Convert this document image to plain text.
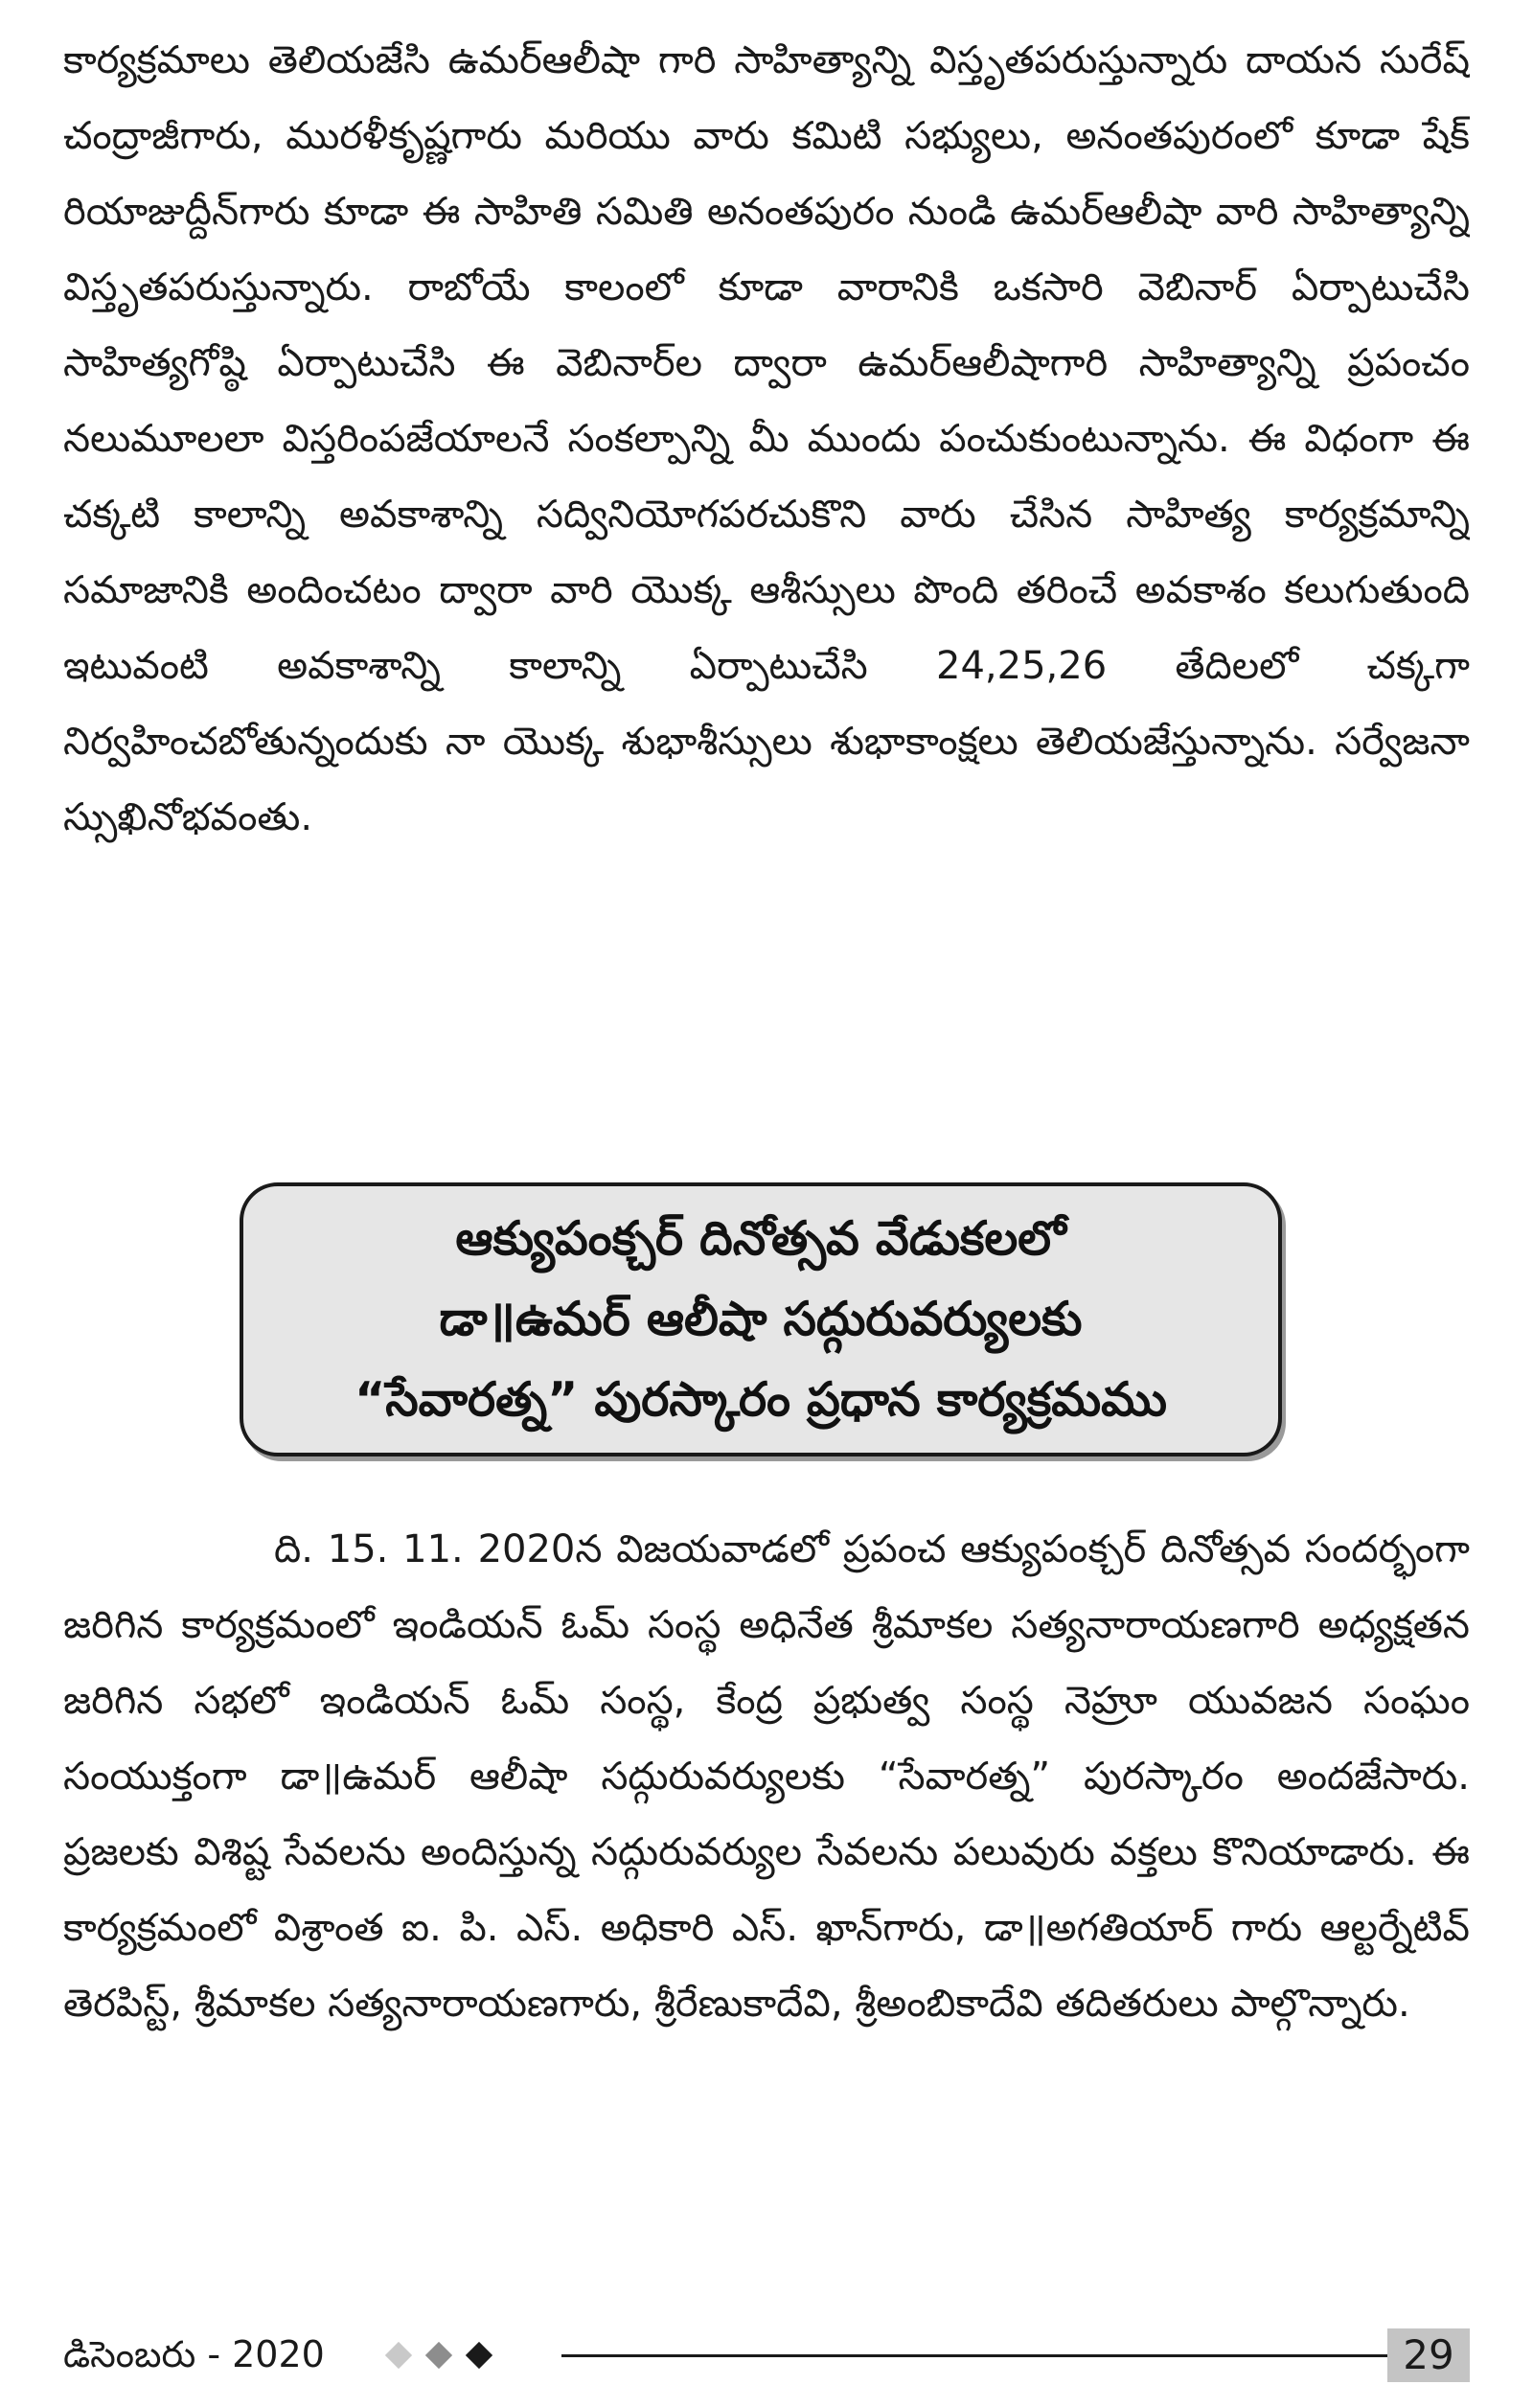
కార్యక్రమాలు తెలియజేసి ఉమర్‌ఆలీషా గారి సాహిత్యాన్ని విస్తృతపరుస్తున్నారు దాయన సురేష్ చంద్రాజీగారు, మురళీకృష్ణగారు మరియు వారు కమిటి సభ్యులు, అనంతపురంలో కూడా షేక్ రియాజుద్దీన్‌గారు కూడా ఈ సాహితి సమితి అనంతపురం నుండి ఉమర్‌ఆలీషా వారి సాహిత్యాన్ని విస్తృతపరుస్తున్నారు. రాబోయే కాలంలో కూడా వారానికి ఒకసారి వెబినార్ ఏర్పాటుచేసి సాహిత్యగోష్ఠి ఏర్పాటుచేసి ఈ వెబినార్‌ల ద్వారా ఉమర్‌ఆలీషాగారి సాహిత్యాన్ని ప్రపంచం నలుమూలలా విస్తరింపజేయాలనే సంకల్పాన్ని మీ ముందు పంచుకుంటున్నాను. ఈ విధంగా ఈ చక్కటి కాలాన్ని అవకాశాన్ని సద్వినియోగపరచుకొని వారు చేసిన సాహిత్య కార్యక్రమాన్ని సమాజానికి అందించటం ద్వారా వారి యొక్క ఆశీస్సులు పొంది తరించే అవకాశం కలుగుతుంది ఇటువంటి అవకాశాన్ని కాలాన్ని ఏర్పాటుచేసి 24,25,26 తేదిలలో చక్కగా నిర్వహించబోతున్నందుకు నా యొక్క శుభాశీస్సులు శుభాకాంక్షలు తెలియజేస్తున్నాను. సర్వేజనా స్సుఖినోభవంతు.

ఆక్యుపంక్చర్ దినోత్సవ వేడుకలలో
డా॥ఉమర్ ఆలీషా సద్గురువర్యులకు
“సేవారత్న” పురస్కారం ప్రధాన కార్యక్రమము

ది. 15. 11. 2020న విజయవాడలో ప్రపంచ ఆక్యుపంక్చర్ దినోత్సవ సందర్భంగా జరిగిన కార్యక్రమంలో ఇండియన్ ఓమ్ సంస్థ అధినేత శ్రీమాకల సత్యనారాయణగారి అధ్యక్షతన జరిగిన సభలో ఇండియన్ ఓమ్ సంస్థ, కేంద్ర ప్రభుత్వ సంస్థ నెహ్రూ యువజన సంఘం సంయుక్తంగా డా॥ఉమర్ ఆలీషా సద్గురువర్యులకు “సేవారత్న” పురస్కారం అందజేసారు. ప్రజలకు విశిష్ట సేవలను అందిస్తున్న సద్గురువర్యుల సేవలను పలువురు వక్తలు కొనియాడారు. ఈ కార్యక్రమంలో విశ్రాంత ఐ. పి. ఎస్. అధికారి ఎస్. ఖాన్‌గారు, డా॥అగతియార్ గారు ఆల్టర్నేటివ్ తెరపిస్ట్, శ్రీమాకల సత్యనారాయణగారు, శ్రీరేణుకాదేవి, శ్రీఅంబికాదేవి తదితరులు పాల్గొన్నారు.

డిసెంబరు - 2020	29
